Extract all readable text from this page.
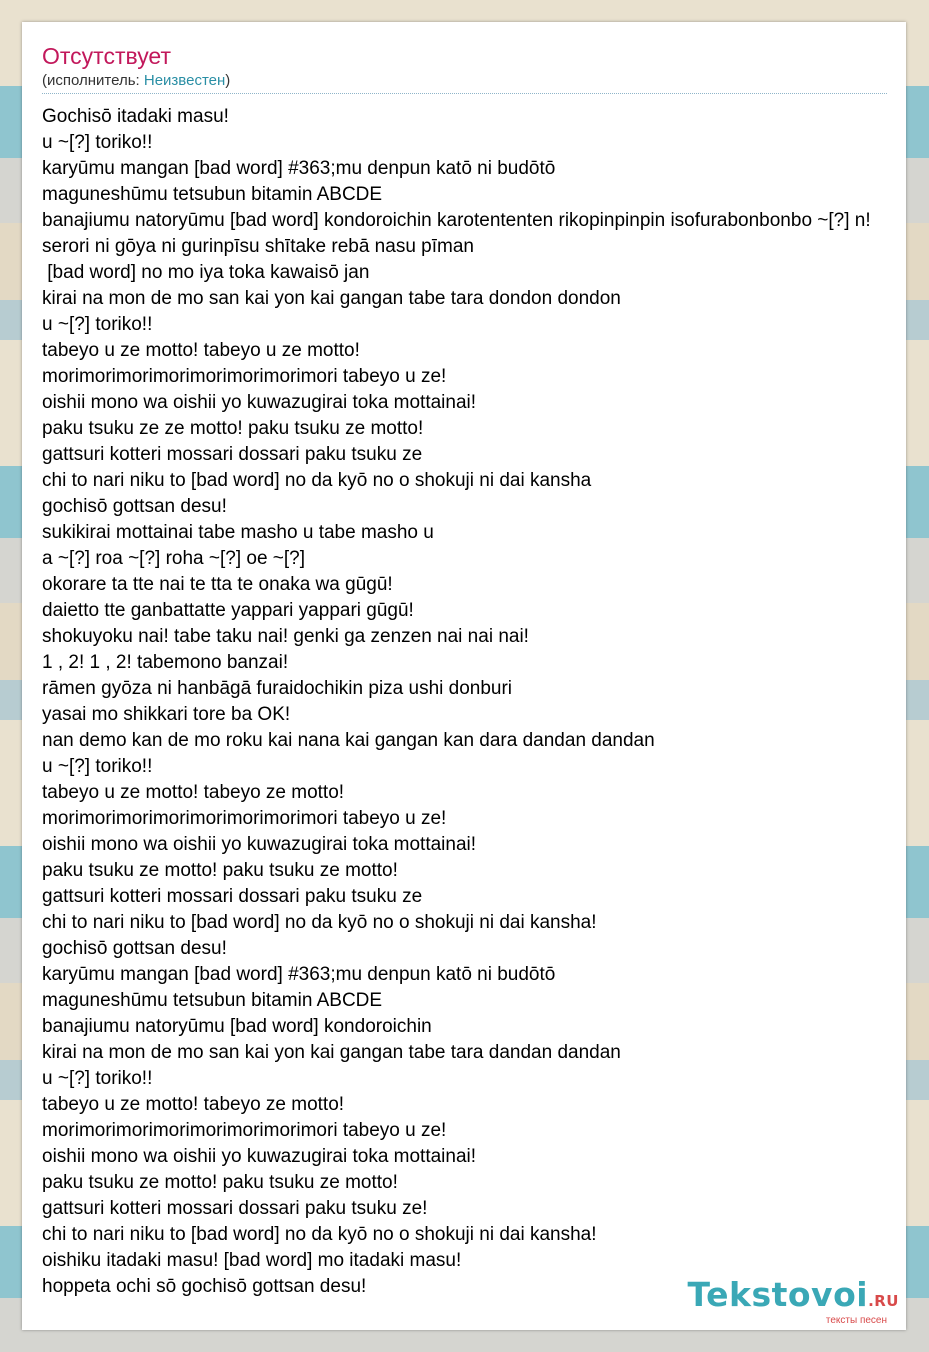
Отсутствует
(исполнитель: Неизвестен)
Gochisō itadaki masu!
u ~[?] toriko!!
karyūmu mangan [bad word] #363;mu denpun katō ni budōtō
maguneshūmu tetsubun bitamin ABCDE
banajiumu natoryūmu [bad word] kondoroichin karotententen rikopinpinpin isofurabonbonbo ~[?] n!
serori ni gōya ni gurinpīsu shītake rebā nasu pīman
[bad word] no mo iya toka kawaisō jan
kirai na mon de mo san kai yon kai gangan tabe tara dondon dondon
u ~[?] toriko!!
tabeyo u ze motto! tabeyo u ze motto!
morimorimorimorimorimorimorimori tabeyo u ze!
oishii mono wa oishii yo kuwazugirai toka mottainai!
paku tsuku ze ze motto! paku tsuku ze motto!
gattsuri kotteri mossari dossari paku tsuku ze
chi to nari niku to [bad word] no da kyō no o shokuji ni dai kansha
gochisō gottsan desu!
sukikirai mottainai tabe masho u tabe masho u
a ~[?] roa ~[?] roha ~[?] oe ~[?]
okorare ta tte nai te tta te onaka wa gūgū!
daietto tte ganbattatte yappari yappari gūgū!
shokuyoku nai! tabe taku nai! genki ga zenzen nai nai nai!
1 , 2! 1 , 2! tabemono banzai!
rāmen gyōza ni hanbāgā furaidochikin piza ushi donburi
yasai mo shikkari tore ba OK!
nan demo kan de mo roku kai nana kai gangan kan dara dandan dandan
u ~[?] toriko!!
tabeyo u ze motto! tabeyo ze motto!
morimorimorimorimorimorimorimori tabeyo u ze!
oishii mono wa oishii yo kuwazugirai toka mottainai!
paku tsuku ze motto! paku tsuku ze motto!
gattsuri kotteri mossari dossari paku tsuku ze
chi to nari niku to [bad word] no da kyō no o shokuji ni dai kansha!
gochisō gottsan desu!
karyūmu mangan [bad word] #363;mu denpun katō ni budōtō
maguneshūmu tetsubun bitamin ABCDE
banajiumu natoryūmu [bad word] kondoroichin
kirai na mon de mo san kai yon kai gangan tabe tara dandan dandan
u ~[?] toriko!!
tabeyo u ze motto! tabeyo ze motto!
morimorimorimorimorimorimorimori tabeyo u ze!
oishii mono wa oishii yo kuwazugirai toka mottainai!
paku tsuku ze motto! paku tsuku ze motto!
gattsuri kotteri mossari dossari paku tsuku ze!
chi to nari niku to [bad word] no da kyō no o shokuji ni dai kansha!
oishiku itadaki masu! [bad word] mo itadaki masu!
hoppeta ochi sō gochisō gottsan desu!	Tekstovoi.RU
тексты песен
